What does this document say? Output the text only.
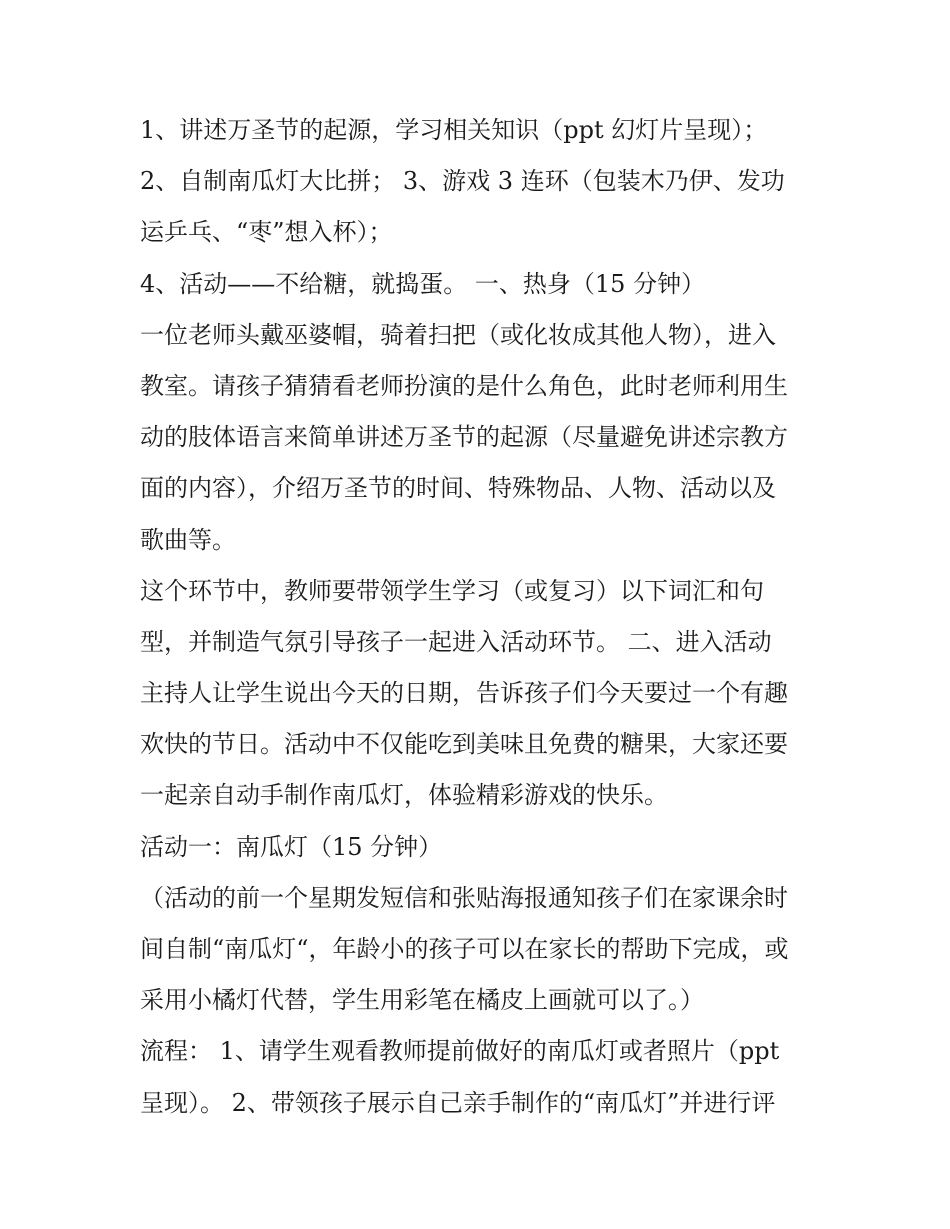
1、讲述万圣节的起源，学习相关知识（ppt 幻灯片呈现）；

2、自制南瓜灯大比拼； 3、游戏 3 连环（包装木乃伊、发功

运乒乓、“枣”想入杯）；

4、活动——不给糖，就捣蛋。 一、热身（15 分钟）

一位老师头戴巫婆帽，骑着扫把（或化妆成其他人物），进入

教室。请孩子猜猜看老师扮演的是什么角色，此时老师利用生

动的肢体语言来简单讲述万圣节的起源（尽量避免讲述宗教方

面的内容），介绍万圣节的时间、特殊物品、人物、活动以及

歌曲等。

这个环节中，教师要带领学生学习（或复习）以下词汇和句

型，并制造气氛引导孩子一起进入活动环节。 二、进入活动

主持人让学生说出今天的日期，告诉孩子们今天要过一个有趣

欢快的节日。活动中不仅能吃到美味且免费的糖果，大家还要

一起亲自动手制作南瓜灯，体验精彩游戏的快乐。

活动一：南瓜灯（15 分钟）

（活动的前一个星期发短信和张贴海报通知孩子们在家课余时

间自制“南瓜灯“，年龄小的孩子可以在家长的帮助下完成，或

采用小橘灯代替，学生用彩笔在橘皮上画就可以了。）

流程： 1、请学生观看教师提前做好的南瓜灯或者照片（ppt

呈现）。 2、带领孩子展示自己亲手制作的“南瓜灯”并进行评
